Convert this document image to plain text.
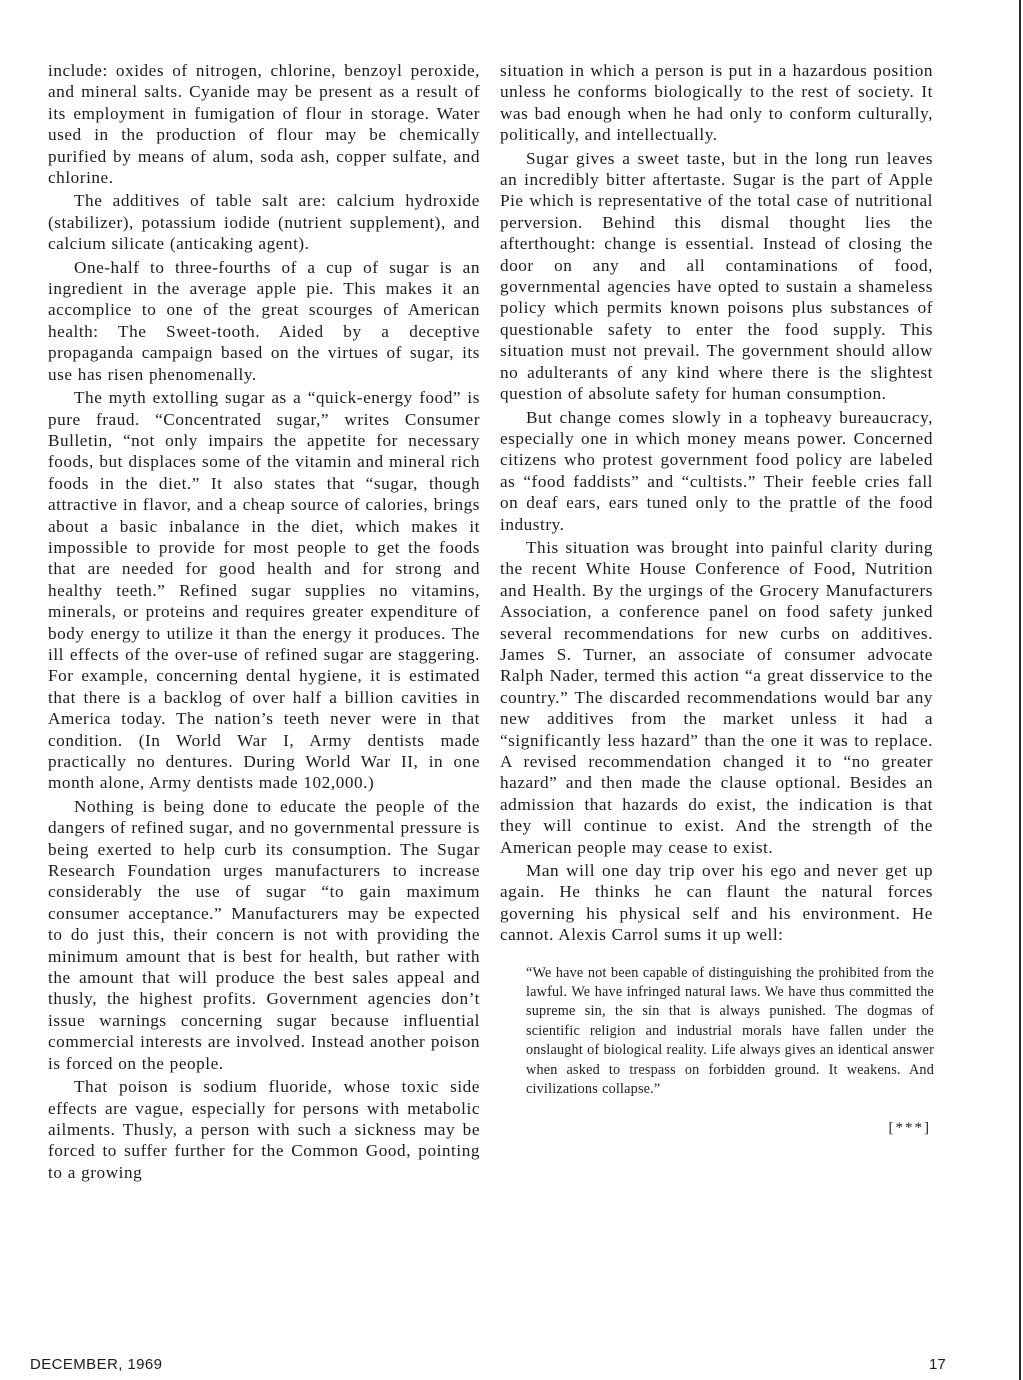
include: oxides of nitrogen, chlorine, benzoyl peroxide, and mineral salts. Cyanide may be present as a result of its employment in fumigation of flour in storage. Water used in the production of flour may be chemically purified by means of alum, soda ash, copper sulfate, and chlorine.

The additives of table salt are: calcium hydroxide (stabilizer), potassium iodide (nutrient supplement), and calcium silicate (anticaking agent).

One-half to three-fourths of a cup of sugar is an ingredient in the average apple pie. This makes it an accomplice to one of the great scourges of American health: The Sweet-tooth. Aided by a deceptive propaganda campaign based on the virtues of sugar, its use has risen phenomenally.

The myth extolling sugar as a “quick-energy food” is pure fraud. “Concentrated sugar,” writes Consumer Bulletin, “not only impairs the appetite for necessary foods, but displaces some of the vitamin and mineral rich foods in the diet.” It also states that “sugar, though attractive in flavor, and a cheap source of calories, brings about a basic inbalance in the diet, which makes it impossible to provide for most people to get the foods that are needed for good health and for strong and healthy teeth.” Refined sugar supplies no vitamins, minerals, or proteins and requires greater expenditure of body energy to utilize it than the energy it produces. The ill effects of the over-use of refined sugar are staggering. For example, concerning dental hygiene, it is estimated that there is a backlog of over half a billion cavities in America today. The nation’s teeth never were in that condition. (In World War I, Army dentists made practically no dentures. During World War II, in one month alone, Army dentists made 102,000.)

Nothing is being done to educate the people of the dangers of refined sugar, and no governmental pressure is being exerted to help curb its consumption. The Sugar Research Foundation urges manufacturers to increase considerably the use of sugar “to gain maximum consumer acceptance.” Manufacturers may be expected to do just this, their concern is not with providing the minimum amount that is best for health, but rather with the amount that will produce the best sales appeal and thusly, the highest profits. Government agencies don’t issue warnings concerning sugar because influential commercial interests are involved. Instead another poison is forced on the people.

That poison is sodium fluoride, whose toxic side effects are vague, especially for persons with metabolic ailments. Thusly, a person with such a sickness may be forced to suffer further for the Common Good, pointing to a growing

situation in which a person is put in a hazardous position unless he conforms biologically to the rest of society. It was bad enough when he had only to conform culturally, politically, and intellectually.

Sugar gives a sweet taste, but in the long run leaves an incredibly bitter aftertaste. Sugar is the part of Apple Pie which is representative of the total case of nutritional perversion. Behind this dismal thought lies the afterthought: change is essential. Instead of closing the door on any and all contaminations of food, governmental agencies have opted to sustain a shameless policy which permits known poisons plus substances of questionable safety to enter the food supply. This situation must not prevail. The government should allow no adulterants of any kind where there is the slightest question of absolute safety for human consumption.

But change comes slowly in a topheavy bureaucracy, especially one in which money means power. Concerned citizens who protest government food policy are labeled as “food faddists” and “cultists.” Their feeble cries fall on deaf ears, ears tuned only to the prattle of the food industry.

This situation was brought into painful clarity during the recent White House Conference of Food, Nutrition and Health. By the urgings of the Grocery Manufacturers Association, a conference panel on food safety junked several recommendations for new curbs on additives. James S. Turner, an associate of consumer advocate Ralph Nader, termed this action “a great disservice to the country.” The discarded recommendations would bar any new additives from the market unless it had a “significantly less hazard” than the one it was to replace. A revised recommendation changed it to “no greater hazard” and then made the clause optional. Besides an admission that hazards do exist, the indication is that they will continue to exist. And the strength of the American people may cease to exist.

Man will one day trip over his ego and never get up again. He thinks he can flaunt the natural forces governing his physical self and his environment. He cannot. Alexis Carrol sums it up well:

“We have not been capable of distinguishing the prohibited from the lawful. We have infringed natural laws. We have thus committed the supreme sin, the sin that is always punished. The dogmas of scientific religion and industrial morals have fallen under the onslaught of biological reality. Life always gives an identical answer when asked to trespass on forbidden ground. It weakens. And civilizations collapse.”
[***]
DECEMBER, 1969	17
